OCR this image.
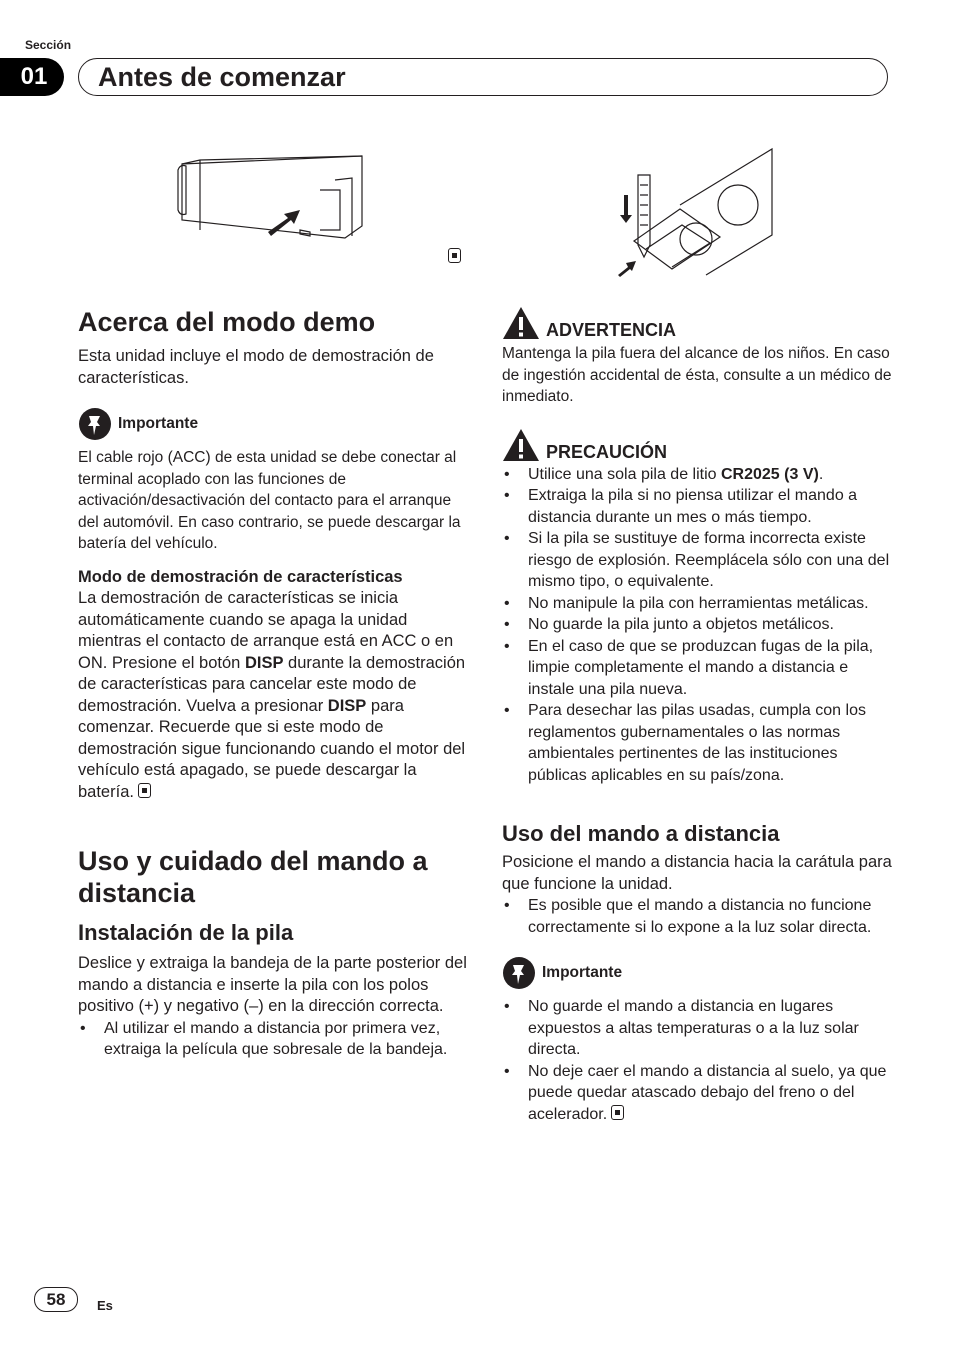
Sección
01	Antes de comenzar
Acerca del modo demo

Esta unidad incluye el modo de demostración de características.

Importante

El cable rojo (ACC) de esta unidad se debe conectar al terminal acoplado con las funciones de activación/desactivación del contacto para el arranque del automóvil. En caso contrario, se puede descargar la batería del vehículo.

Modo de demostración de características

La demostración de características se inicia automáticamente cuando se apaga la unidad mientras el contacto de arranque está en ACC o en ON. Presione el botón DISP durante la demostración de características para cancelar este modo de demostración. Vuelva a presionar DISP para comenzar. Recuerde que si este modo de demostración sigue funcionando cuando el motor del vehículo está apagado, se puede descargar la batería.

Uso y cuidado del mando a distancia
Instalación de la pila

Deslice y extraiga la bandeja de la parte posterior del mando a distancia e inserte la pila con los polos positivo (+) y negativo (–) en la dirección correcta.

• Al utilizar el mando a distancia por primera vez, extraiga la película que sobresale de la bandeja.
ADVERTENCIA

Mantenga la pila fuera del alcance de los niños. En caso de ingestión accidental de ésta, consulte a un médico de inmediato.

PRECAUCIÓN
• Utilice una sola pila de litio CR2025 (3 V).
• Extraiga la pila si no piensa utilizar el mando a distancia durante un mes o más tiempo.
• Si la pila se sustituye de forma incorrecta existe riesgo de explosión. Reemplácela sólo con una del mismo tipo, o equivalente.
• No manipule la pila con herramientas metálicas.
• No guarde la pila junto a objetos metálicos.
• En el caso de que se produzcan fugas de la pila, limpie completamente el mando a distancia e instale una pila nueva.
• Para desechar las pilas usadas, cumpla con los reglamentos gubernamentales o las normas ambientales pertinentes de las instituciones públicas aplicables en su país/zona.
Uso del mando a distancia

Posicione el mando a distancia hacia la carátula para que funcione la unidad.

• Es posible que el mando a distancia no funcione correctamente si lo expone a la luz solar directa.
Importante
• No guarde el mando a distancia en lugares expuestos a altas temperaturas o a la luz solar directa.
• No deje caer el mando a distancia al suelo, ya que puede quedar atascado debajo del freno o del acelerador.
58	Es
